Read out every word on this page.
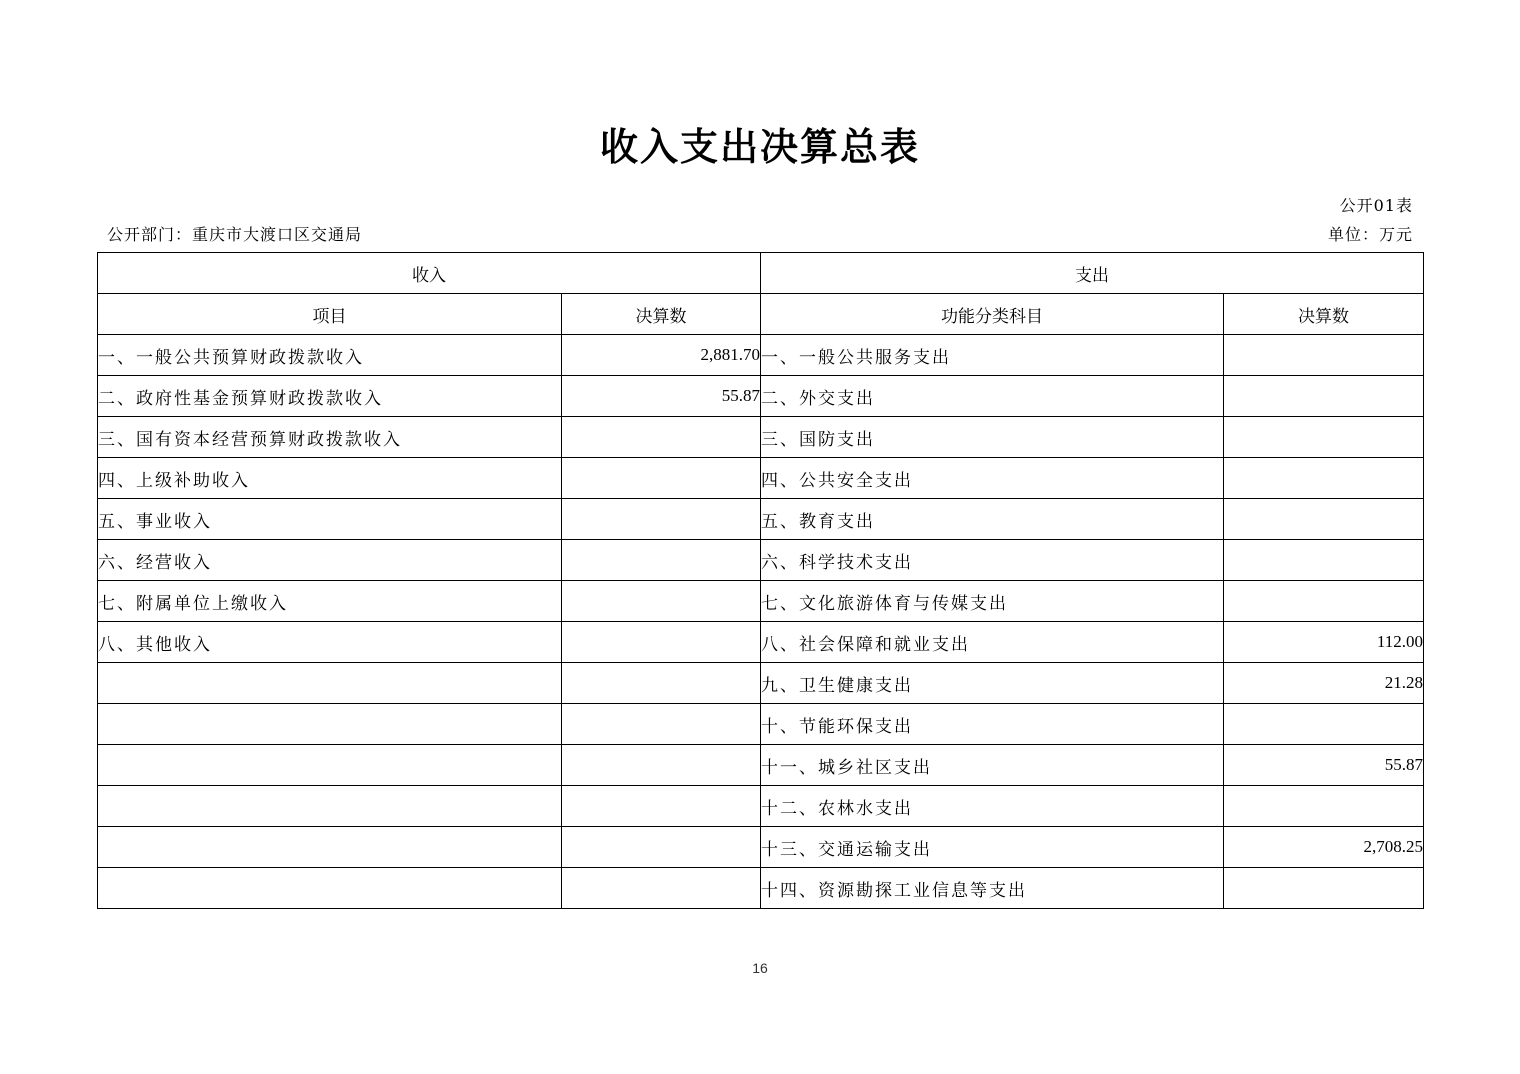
收入支出决算总表
公开01表
公开部门：重庆市大渡口区交通局	单位：万元
收入		支出	
项目	决算数	功能分类科目	决算数
一、一般公共预算财政拨款收入	2,881.70	一、一般公共服务支出	
二、政府性基金预算财政拨款收入	55.87	二、外交支出	
三、国有资本经营预算财政拨款收入		三、国防支出	
四、上级补助收入		四、公共安全支出	
五、事业收入		五、教育支出	
六、经营收入		六、科学技术支出	
七、附属单位上缴收入		七、文化旅游体育与传媒支出	
八、其他收入		八、社会保障和就业支出	112.00
		九、卫生健康支出	21.28
		十、节能环保支出	
		十一、城乡社区支出	55.87
		十二、农林水支出	
		十三、交通运输支出	2,708.25
		十四、资源勘探工业信息等支出	
16
